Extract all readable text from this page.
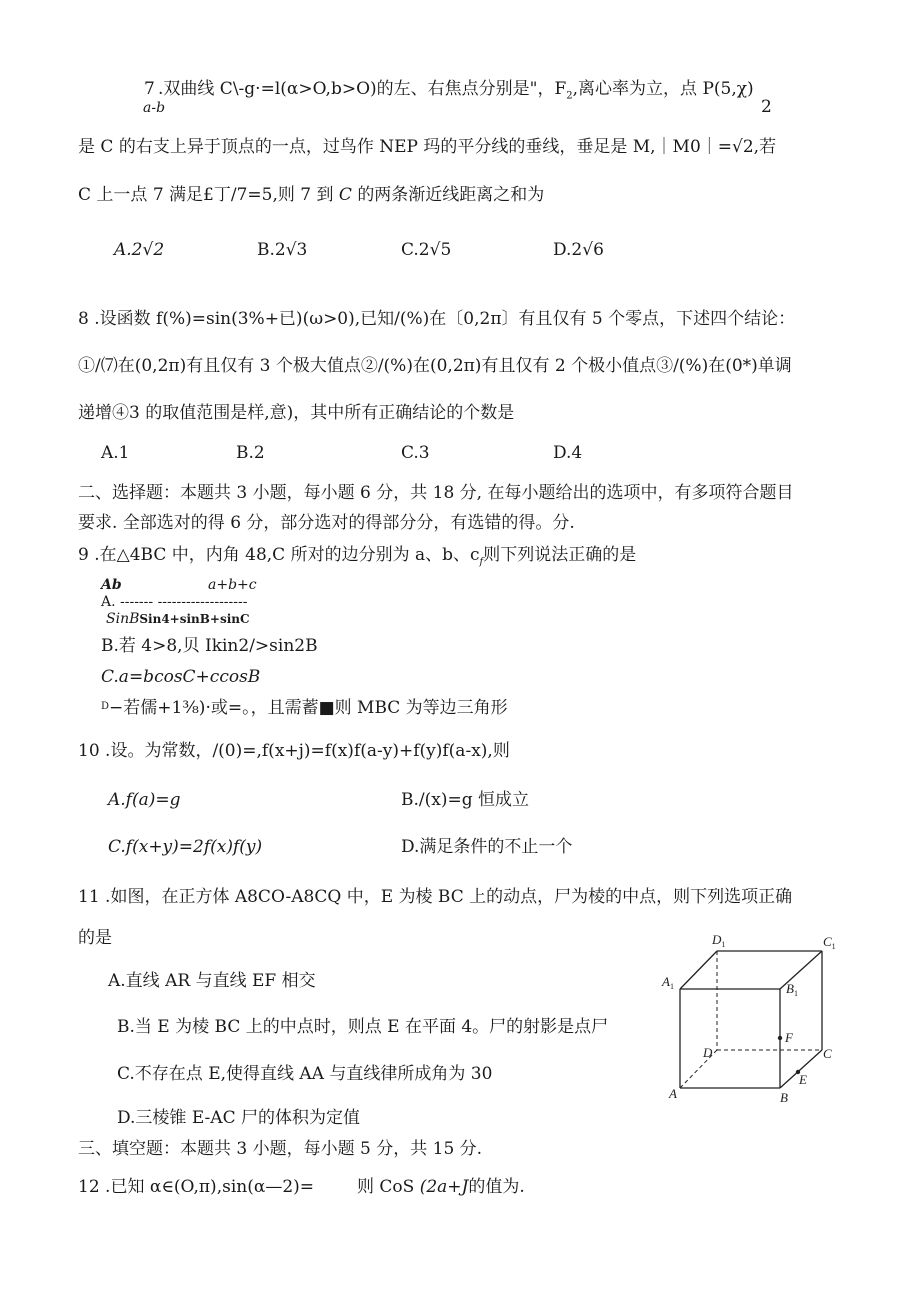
7
a-b
.双曲线 C\-g·=l(α>O,b>O)的左、右焦点分别是"，$F_2$,离心率为立，点 P(5,χ)
2
是 C 的右支上异于顶点的一点，过鸟作 NEP 玛的平分线的垂线，垂足是 M,｜M0｜=√2,若
C 上一点 7 满足£丁/7=5,则 7 到 C 的两条渐近线距离之和为
A.2√2	B.2√3	C.2√5	D.2√6
8 .设函数 f(%)=sin(3%+已)(ω>0),已知/(%)在〔0,2π〕有且仅有 5 个零点，下述四个结论：
①/⑺在(0,2π)有且仅有 3 个极大值点②/(%)在(0,2π)有且仅有 2 个极小值点③/(%)在(0*)单调
递增④3 的取值范围是样,意)，其中所有正确结论的个数是
A.1	B.2	C.3	D.4
二、选择题：本题共 3 小题，每小题 6 分，共 18 分, 在每小题给出的选项中，有多项符合题目
要求. 全部选对的得 6 分，部分选对的得部分分，有选错的得。分.
9 .在△4BC 中，内角 48,C 所对的边分别为 a、b、$c_f$则下列说法正确的是
Ab	a+b+c
A. ------- -------------------
SinBSin4+sinB+sinC
B.若 4>8,贝 Ikin2/>sin2B
C.a=bcosC+ccosB
$^D$−若儒+1⅜)·或=。，且需蓄■则 MBC 为等边三角形
10 .设。为常数，/(0)=,f(x+j)=f(x)f(a-y)+f(y)f(a-x),则
A.f(a)=g	B./(x)=g 恒成立
C.f(x+y)=2f(x)f(y)	D.满足条件的不止一个
11 .如图，在正方体 A8CO-A8CQ 中，E 为棱 BC 上的动点，尸为棱的中点，则下列选项正确
的是
A.直线 AR 与直线 EF 相交
B.当 E 为棱 BC 上的中点时，则点 E 在平面 4。尸的射影是点尸
C.不存在点 E,使得直线 AA 与直线律所成角为 30
D.三棱锥 E-AC 尸的体积为定值
$D_1$	$C_1$
$A_1$	$B_1$
F
D	C
E
A	B
三、填空题：本题共 3 小题，每小题 5 分，共 15 分.
12 .已知 α∈(O,π),sin(α—2)=	则 CoS (2a+J的值为.
